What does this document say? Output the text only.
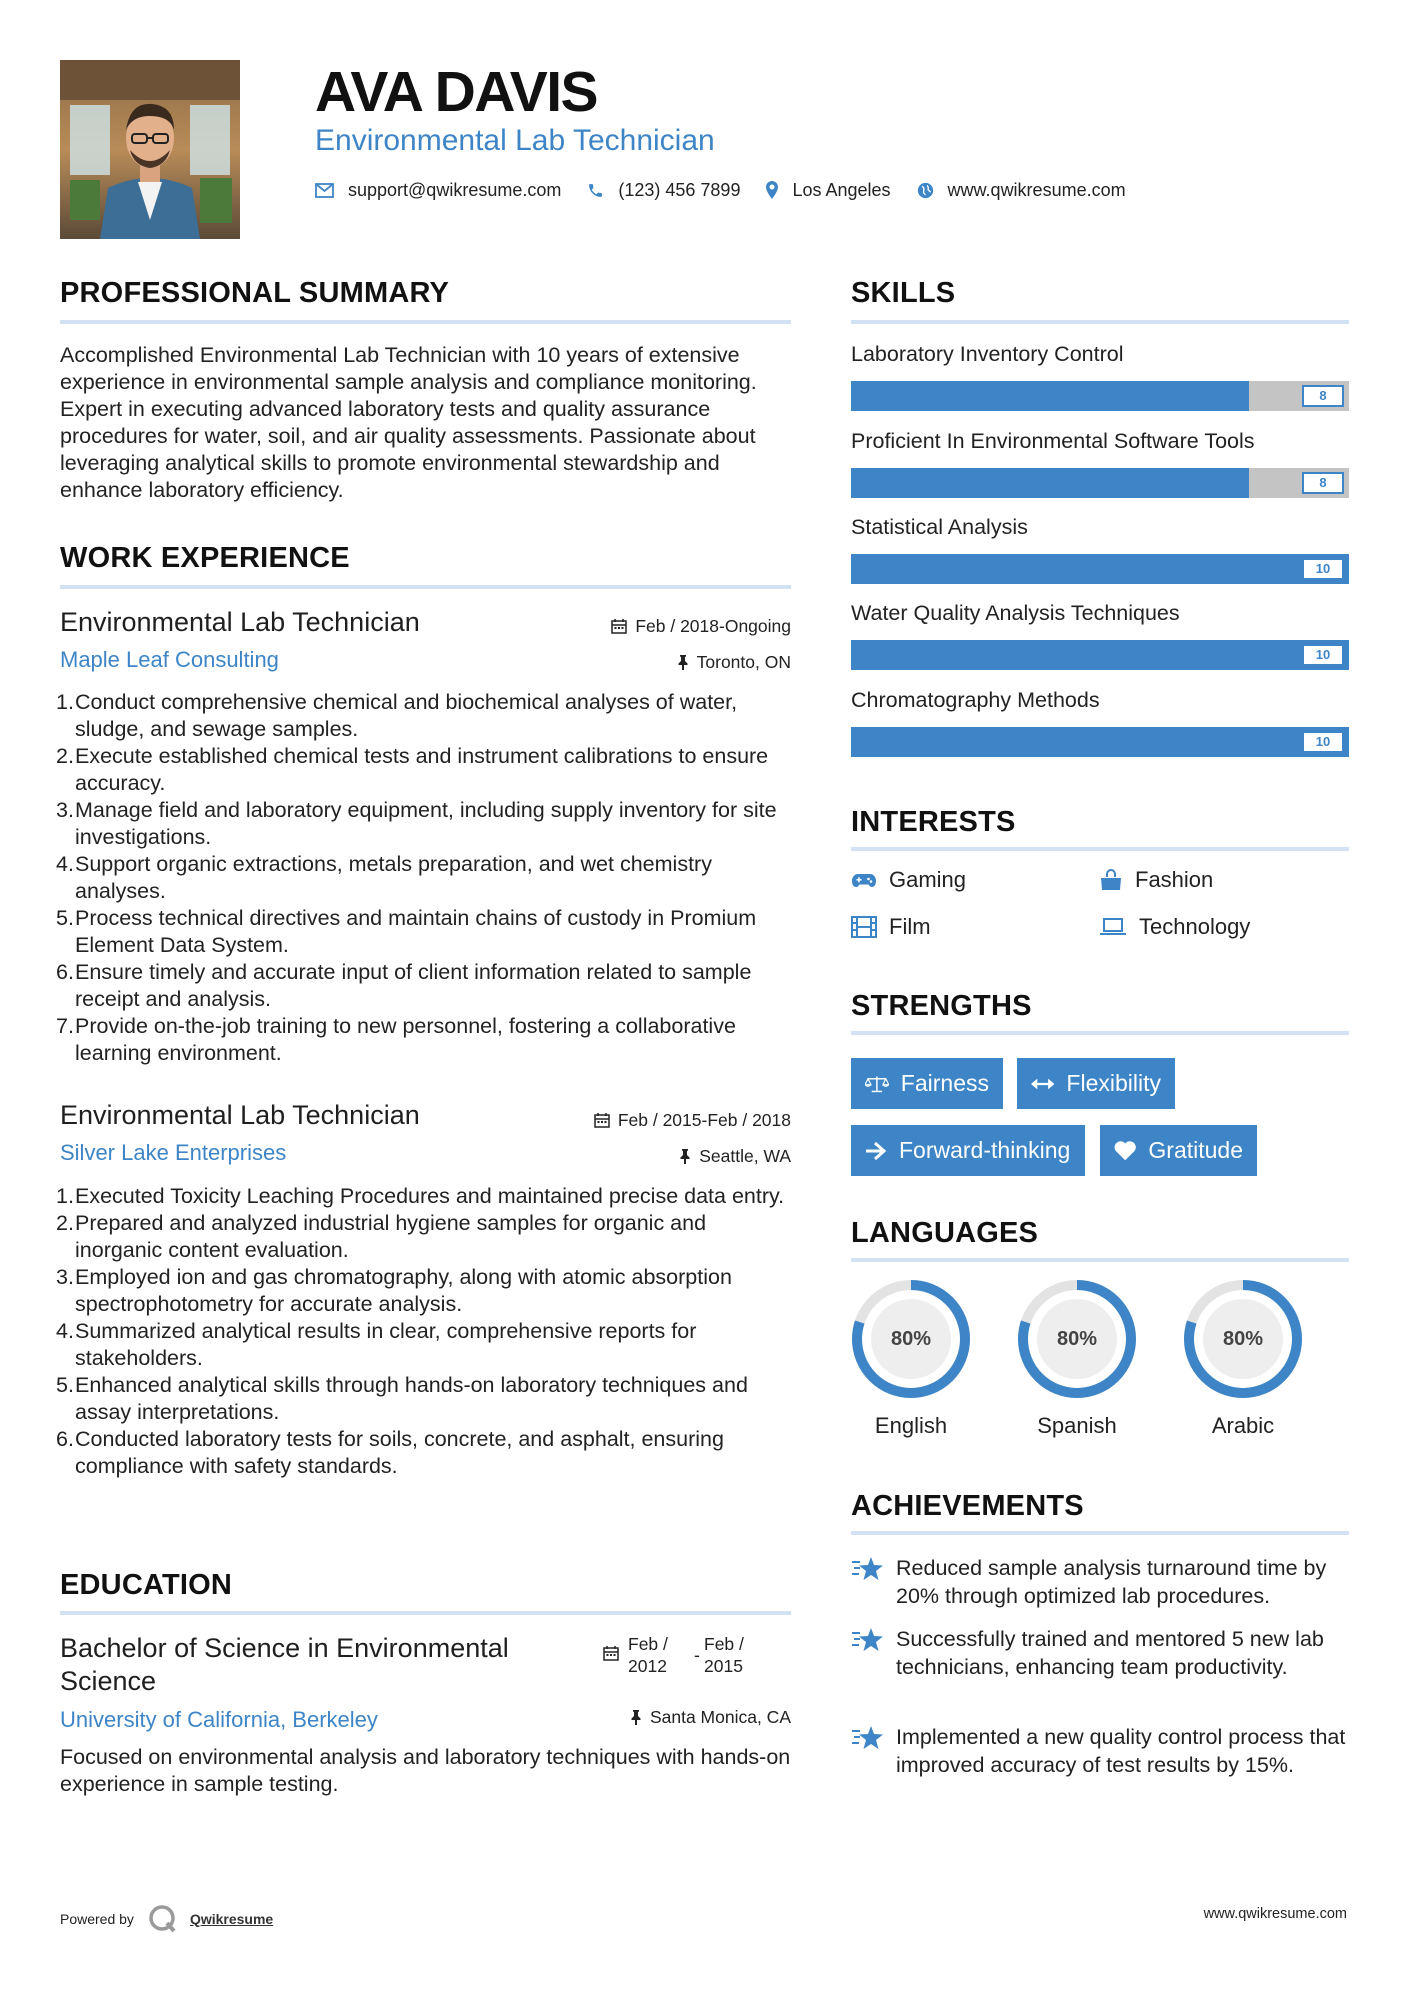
AVA DAVIS
Environmental Lab Technician
support@qwikresume.com	(123) 456 7899	Los Angeles	www.qwikresume.com
PROFESSIONAL SUMMARY
Accomplished Environmental Lab Technician with 10 years of extensive experience in environmental sample analysis and compliance monitoring. Expert in executing advanced laboratory tests and quality assurance procedures for water, soil, and air quality assessments. Passionate about leveraging analytical skills to promote environmental stewardship and enhance laboratory efficiency.
WORK EXPERIENCE
Environmental Lab Technician	Feb / 2018-Ongoing
Maple Leaf Consulting	Toronto, ON
1. Conduct comprehensive chemical and biochemical analyses of water, sludge, and sewage samples.
2. Execute established chemical tests and instrument calibrations to ensure accuracy.
3. Manage field and laboratory equipment, including supply inventory for site investigations.
4. Support organic extractions, metals preparation, and wet chemistry analyses.
5. Process technical directives and maintain chains of custody in Promium Element Data System.
6. Ensure timely and accurate input of client information related to sample receipt and analysis.
7. Provide on-the-job training to new personnel, fostering a collaborative learning environment.
Environmental Lab Technician	Feb / 2015-Feb / 2018
Silver Lake Enterprises	Seattle, WA
1. Executed Toxicity Leaching Procedures and maintained precise data entry.
2. Prepared and analyzed industrial hygiene samples for organic and inorganic content evaluation.
3. Employed ion and gas chromatography, along with atomic absorption spectrophotometry for accurate analysis.
4. Summarized analytical results in clear, comprehensive reports for stakeholders.
5. Enhanced analytical skills through hands-on laboratory techniques and assay interpretations.
6. Conducted laboratory tests for soils, concrete, and asphalt, ensuring compliance with safety standards.
EDUCATION
Bachelor of Science in Environmental Science
Feb / 2012
-
Feb / 2015
University of California, Berkeley	Santa Monica, CA
Focused on environmental analysis and laboratory techniques with hands-on experience in sample testing.
SKILLS
Laboratory Inventory Control
8
Proficient In Environmental Software Tools
8
Statistical Analysis
10
Water Quality Analysis Techniques
10
Chromatography Methods
10
INTERESTS
Gaming	Fashion
Film	Technology
STRENGTHS
Fairness	Flexibility
Forward-thinking	Gratitude
LANGUAGES
80%
English
80%
Spanish
80%
Arabic
ACHIEVEMENTS
Reduced sample analysis turnaround time by 20% through optimized lab procedures.
Successfully trained and mentored 5 new lab technicians, enhancing team productivity.
Implemented a new quality control process that improved accuracy of test results by 15%.
Powered by	Qwikresume	www.qwikresume.com
